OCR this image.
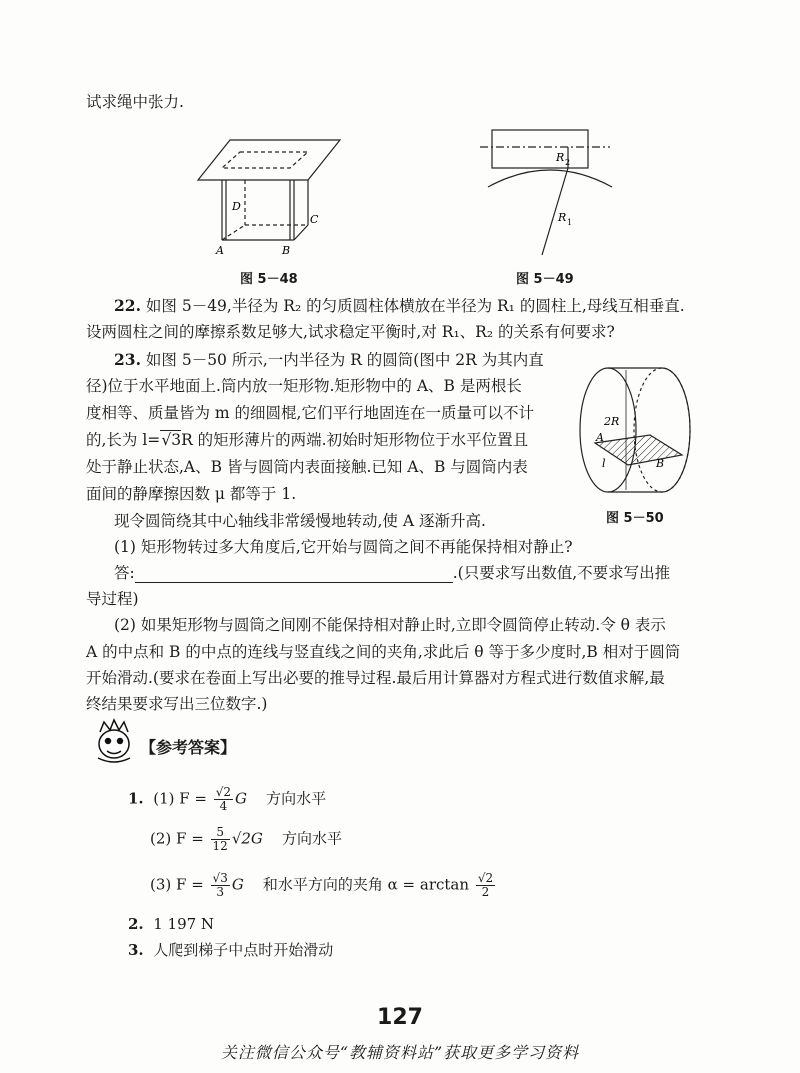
试求绳中张力.
D
C
A	B
图 5－48
R 2
R 1
图 5－49
22. 如图 5－49,半径为 R₂ 的匀质圆柱体横放在半径为 R₁ 的圆柱上,母线互相垂直.
设两圆柱之间的摩擦系数足够大,试求稳定平衡时,对 R₁、R₂ 的关系有何要求?
23. 如图 5－50 所示,一内半径为 R 的圆筒(图中 2R 为其内直
径)位于水平地面上.筒内放一矩形物.矩形物中的 A、B 是两根长
度相等、质量皆为 m 的细圆棍,它们平行地固连在一质量可以不计
的,长为 l=√3R 的矩形薄片的两端.初始时矩形物位于水平位置且
处于静止状态,A、B 皆与圆筒内表面接触.已知 A、B 与圆筒内表
面间的静摩擦因数 μ 都等于 1.
2R
A
l	B
图 5－50
现令圆筒绕其中心轴线非常缓慢地转动,使 A 逐渐升高.
(1) 矩形物转过多大角度后,它开始与圆筒之间不再能保持相对静止?
答:	.(只要求写出数值,不要求写出推
导过程)
(2) 如果矩形物与圆筒之间刚不能保持相对静止时,立即令圆筒停止转动.令 θ 表示
A 的中点和 B 的中点的连线与竖直线之间的夹角,求此后 θ 等于多少度时,B 相对于圆筒
开始滑动.(要求在卷面上写出必要的推导过程.最后用计算器对方程式进行数值求解,最
终结果要求写出三位数字.)
【参考答案】
1. (1) $F = \frac{√2}{4}$ G 方向水平
(2) $F = \frac{5}{12} √2G$ 方向水平
(3) $F = \frac{√3}{3}$ G 和水平方向的夹角 $\alpha = \arctan \frac{√2}{2}$
2. 1 197 N
3. 人爬到梯子中点时开始滑动
127
关注微信公众号“教辅资料站”获取更多学习资料
